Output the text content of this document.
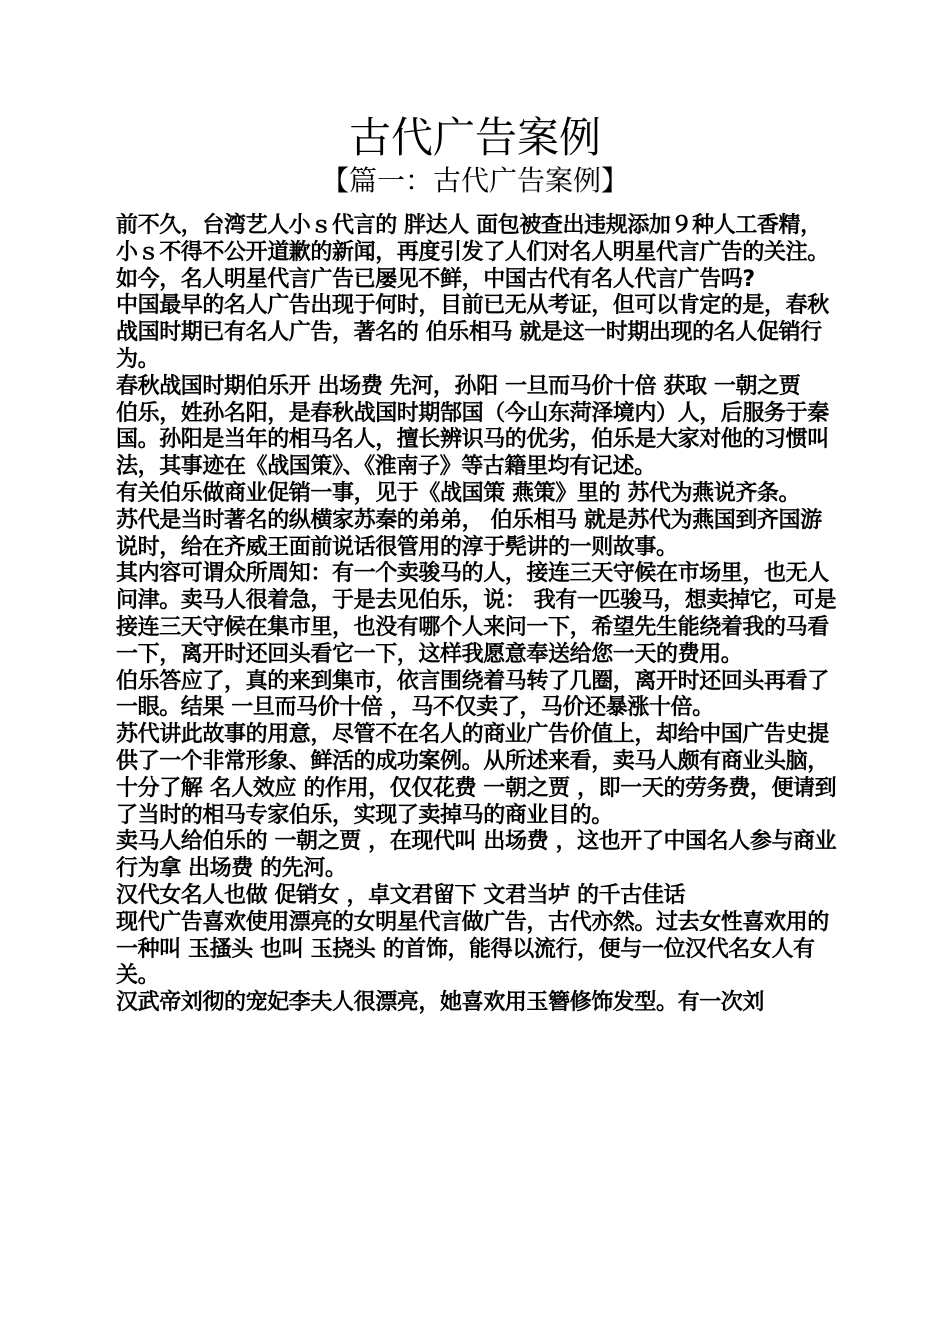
古代广告案例
【篇一：古代广告案例】

前不久，台湾艺人小ｓ代言的 胖达人 面包被查出违规添加９种人工香精，小ｓ不得不公开道歉的新闻，再度引发了人们对名人明星代言广告的关注。如今，名人明星代言广告已屡见不鲜，中国古代有名人代言广告吗?

中国最早的名人广告出现于何时，目前已无从考证，但可以肯定的是，春秋战国时期已有名人广告，著名的 伯乐相马 就是这一时期出现的名人促销行为。

春秋战国时期伯乐开 出场费 先河，孙阳 一旦而马价十倍 获取 一朝之贾

伯乐，姓孙名阳，是春秋战国时期郜国（今山东菏泽境内）人，后服务于秦国。孙阳是当年的相马名人，擅长辨识马的优劣，伯乐是大家对他的习惯叫法，其事迹在《战国策》、《淮南子》等古籍里均有记述。

有关伯乐做商业促销一事，见于《战国策 燕策》里的 苏代为燕说齐条。

苏代是当时著名的纵横家苏秦的弟弟， 伯乐相马 就是苏代为燕国到齐国游说时，给在齐威王面前说话很管用的淳于髡讲的一则故事。

其内容可谓众所周知：有一个卖骏马的人，接连三天守候在市场里，也无人问津。卖马人很着急，于是去见伯乐，说： 我有一匹骏马，想卖掉它，可是接连三天守候在集市里，也没有哪个人来问一下，希望先生能绕着我的马看一下，离开时还回头看它一下，这样我愿意奉送给您一天的费用。

伯乐答应了，真的来到集市，依言围绕着马转了几圈，离开时还回头再看了一眼。结果 一旦而马价十倍 ，马不仅卖了，马价还暴涨十倍。

苏代讲此故事的用意，尽管不在名人的商业广告价值上，却给中国广告史提供了一个非常形象、鲜活的成功案例。从所述来看，卖马人颇有商业头脑，十分了解 名人效应 的作用，仅仅花费 一朝之贾 ，即一天的劳务费，便请到了当时的相马专家伯乐，实现了卖掉马的商业目的。

卖马人给伯乐的 一朝之贾 ，在现代叫 出场费 ，这也开了中国名人参与商业行为拿 出场费 的先河。

汉代女名人也做 促销女 ，卓文君留下 文君当垆 的千古佳话

现代广告喜欢使用漂亮的女明星代言做广告，古代亦然。过去女性喜欢用的一种叫 玉搔头 也叫 玉挠头 的首饰，能得以流行，便与一位汉代名女人有关。

汉武帝刘彻的宠妃李夫人很漂亮，她喜欢用玉簪修饰发型。有一次刘
